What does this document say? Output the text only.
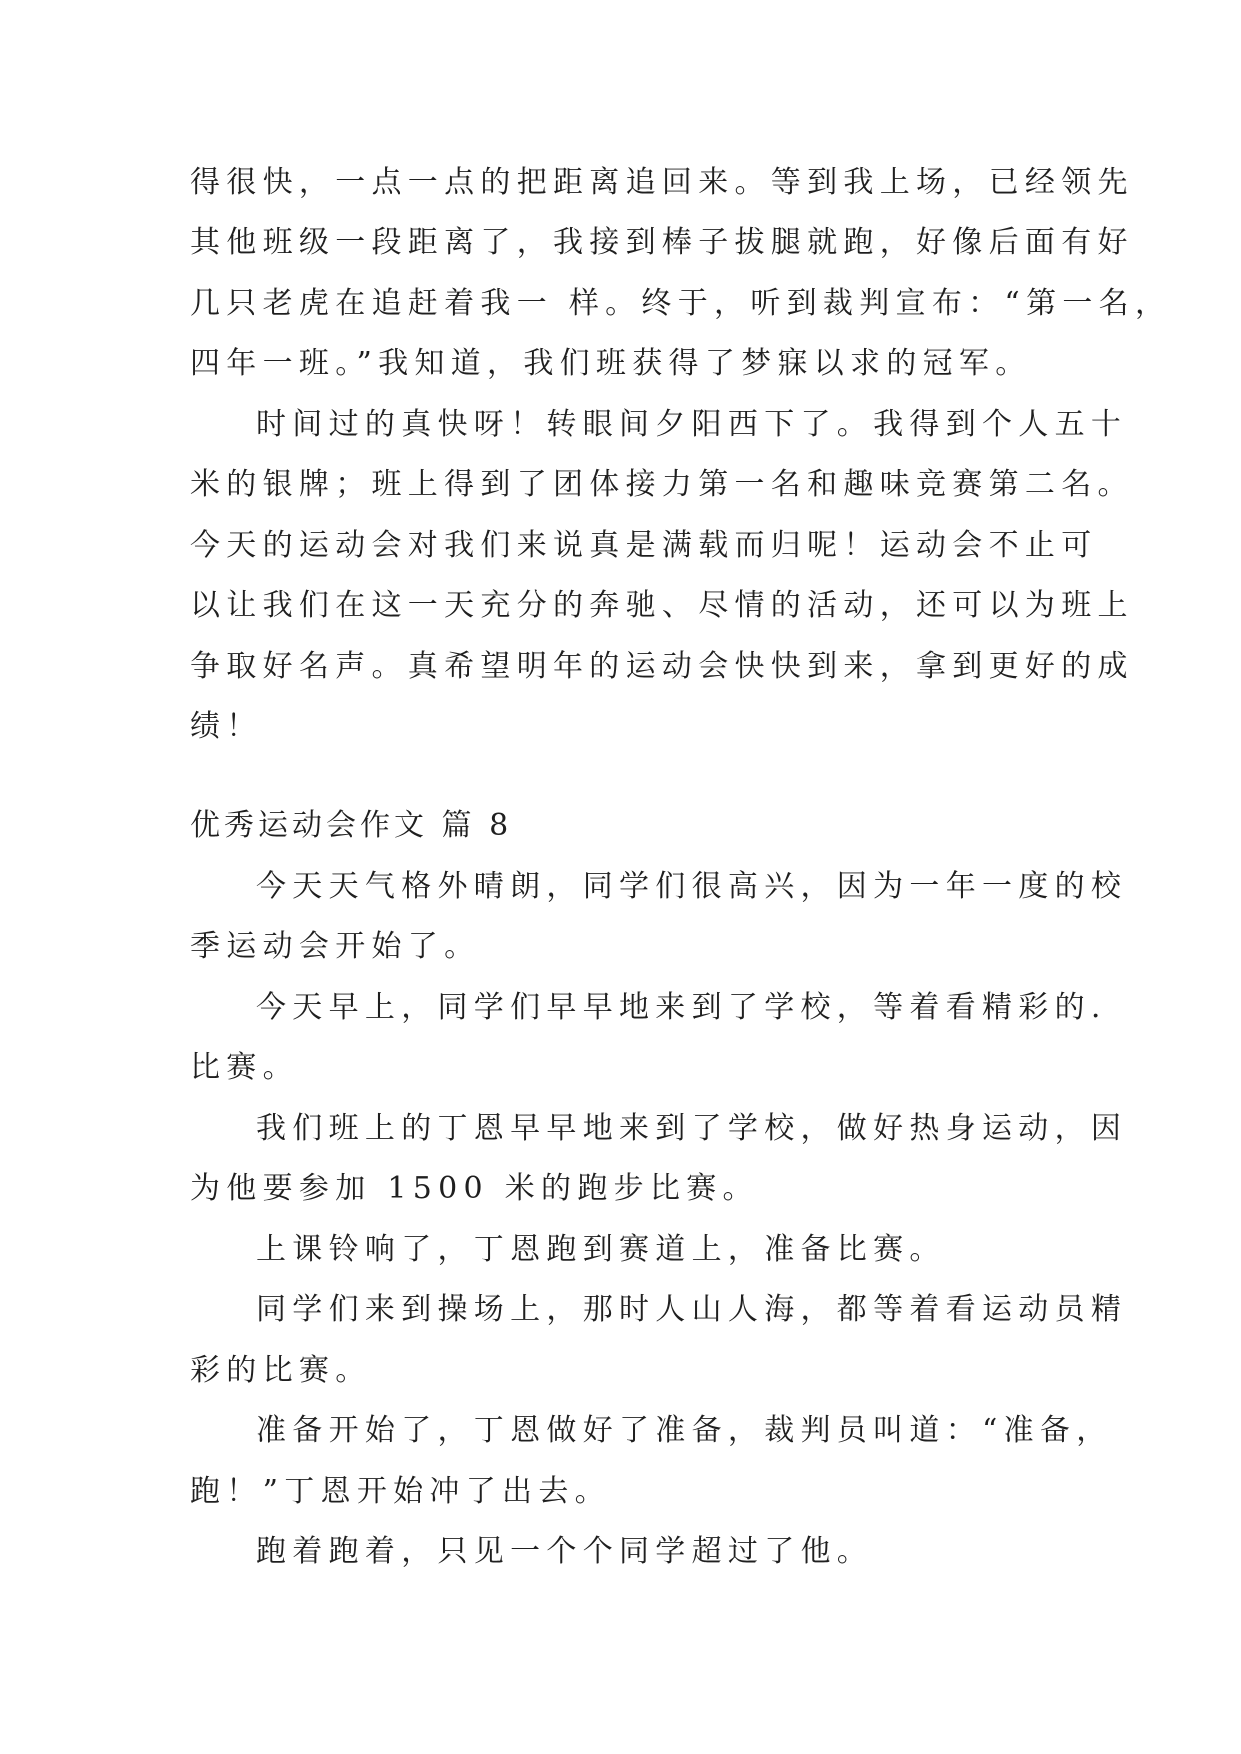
得很快，一点一点的把距离追回来。等到我上场，已经领先
其他班级一段距离了，我接到棒子拔腿就跑，好像后面有好
几只老虎在追赶着我一 样。终于，听到裁判宣布：“第一名，
四年一班。”我知道，我们班获得了梦寐以求的冠军。
时间过的真快呀！转眼间夕阳西下了。我得到个人五十
米的银牌；班上得到了团体接力第一名和趣味竞赛第二名。
今天的运动会对我们来说真是满载而归呢！运动会不止可
以让我们在这一天充分的奔驰、尽情的活动，还可以为班上
争取好名声。真希望明年的运动会快快到来，拿到更好的成
绩！
优秀运动会作文 篇 8
今天天气格外晴朗，同学们很高兴，因为一年一度的校
季运动会开始了。
今天早上，同学们早早地来到了学校，等着看精彩的.
比赛。
我们班上的丁恩早早地来到了学校，做好热身运动，因
为他要参加 1500 米的跑步比赛。
上课铃响了，丁恩跑到赛道上，准备比赛。
同学们来到操场上，那时人山人海，都等着看运动员精
彩的比赛。
准备开始了，丁恩做好了准备，裁判员叫道：“准备，
跑！”丁恩开始冲了出去。
跑着跑着，只见一个个同学超过了他。
